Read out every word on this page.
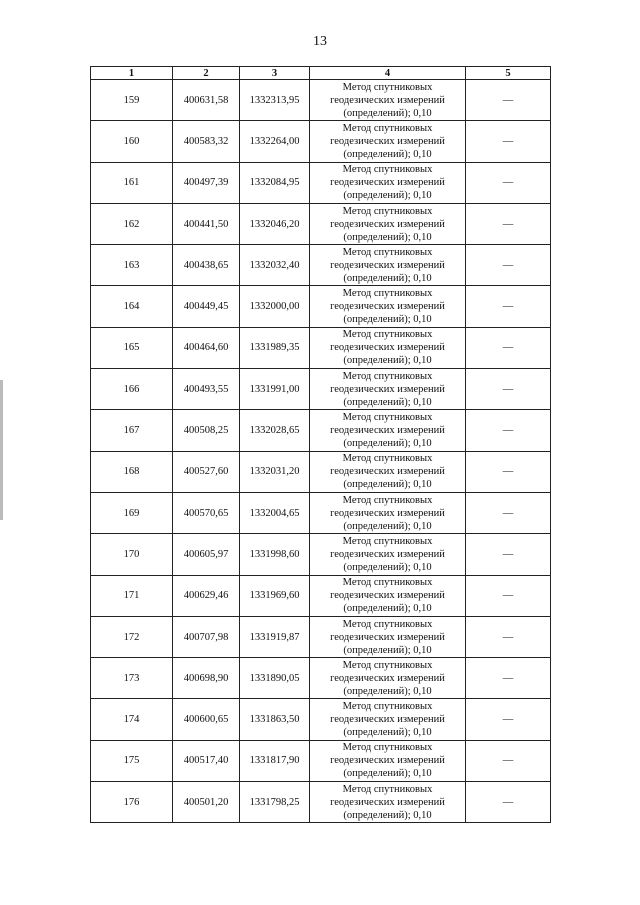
13
1	2	3	4	5
159	400631,58	1332313,95	Метод спутниковых
геодезических измерений
(определений); 0,10	—
160	400583,32	1332264,00	Метод спутниковых
геодезических измерений
(определений); 0,10	—
161	400497,39	1332084,95	Метод спутниковых
геодезических измерений
(определений); 0,10	—
162	400441,50	1332046,20	Метод спутниковых
геодезических измерений
(определений); 0,10	—
163	400438,65	1332032,40	Метод спутниковых
геодезических измерений
(определений); 0,10	—
164	400449,45	1332000,00	Метод спутниковых
геодезических измерений
(определений); 0,10	—
165	400464,60	1331989,35	Метод спутниковых
геодезических измерений
(определений); 0,10	—
166	400493,55	1331991,00	Метод спутниковых
геодезических измерений
(определений); 0,10	—
167	400508,25	1332028,65	Метод спутниковых
геодезических измерений
(определений); 0,10	—
168	400527,60	1332031,20	Метод спутниковых
геодезических измерений
(определений); 0,10	—
169	400570,65	1332004,65	Метод спутниковых
геодезических измерений
(определений); 0,10	—
170	400605,97	1331998,60	Метод спутниковых
геодезических измерений
(определений); 0,10	—
171	400629,46	1331969,60	Метод спутниковых
геодезических измерений
(определений); 0,10	—
172	400707,98	1331919,87	Метод спутниковых
геодезических измерений
(определений); 0,10	—
173	400698,90	1331890,05	Метод спутниковых
геодезических измерений
(определений); 0,10	—
174	400600,65	1331863,50	Метод спутниковых
геодезических измерений
(определений); 0,10	—
175	400517,40	1331817,90	Метод спутниковых
геодезических измерений
(определений); 0,10	—
176	400501,20	1331798,25	Метод спутниковых
геодезических измерений
(определений); 0,10	—
